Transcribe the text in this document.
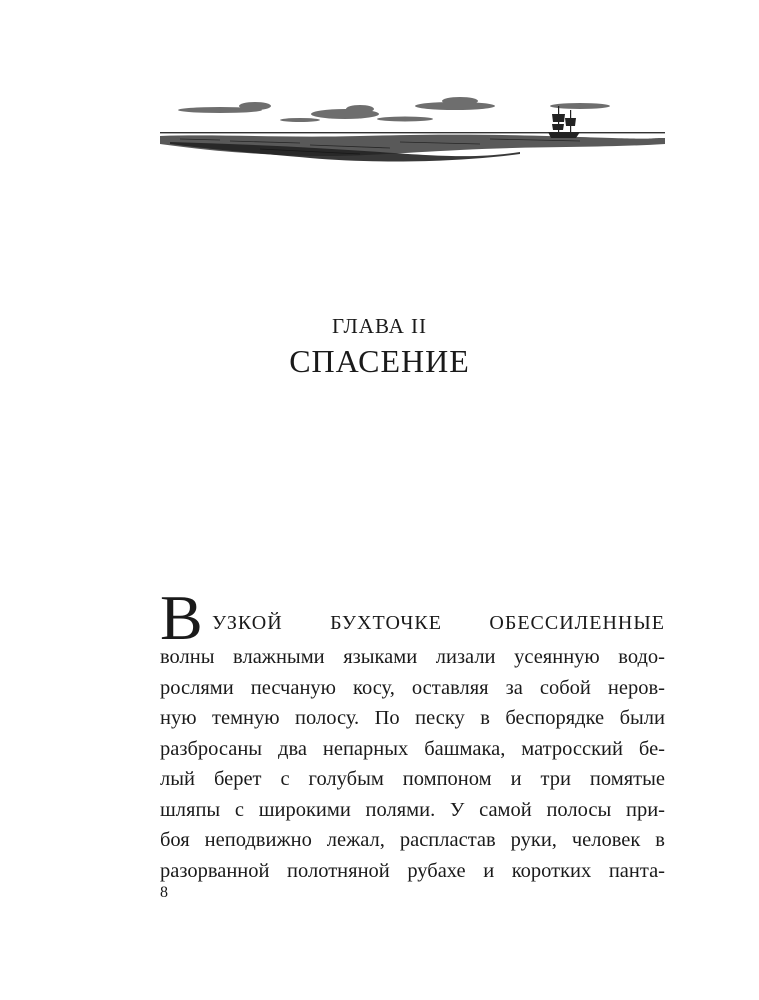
ГЛАВА II
СПАСЕНИЕ
В УЗКОЙ БУХТОЧКЕ ОБЕССИЛЕННЫЕ
волны влажными языками лизали усеянную водо-
рослями песчаную косу, оставляя за собой неров-
ную темную полосу. По песку в беспорядке были
разбросаны два непарных башмака, матросский бе-
лый берет с голубым помпоном и три помятые
шляпы с широкими полями. У самой полосы при-
боя неподвижно лежал, распластав руки, человек в
разорванной полотняной рубахе и коротких панта-
8
